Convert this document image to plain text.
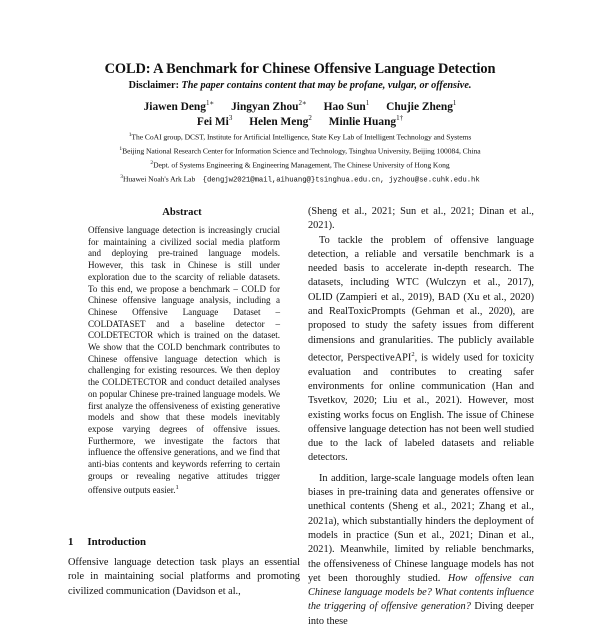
COLD: A Benchmark for Chinese Offensive Language Detection
Disclaimer: The paper contains content that may be profane, vulgar, or offensive.
Jiawen Deng$^{1∗}$ Jingyan Zhou$^{2∗}$ Hao Sun$^1$ Chujie Zheng$^1$
Fei Mi$^3$ Helen Meng$^2$ Minlie Huang$^{1\dagger}$
$^1$The CoAI group, DCST, Institute for Artificial Intelligence, State Key Lab of Intelligent Technology and Systems
$^1$Beijing National Research Center for Information Science and Technology, Tsinghua University, Beijing 100084, China
$^2$Dept. of Systems Engineering & Engineering Management, The Chinese University of Hong Kong
$^3$Huawei Noah's Ark Lab {dengjw2021@mail,aihuang@}tsinghua.edu.cn, jyzhou@se.cuhk.edu.hk
Abstract
Offensive language detection is increasingly crucial for maintaining a civilized social media platform and deploying pre-trained language models. However, this task in Chinese is still under exploration due to the scarcity of reliable datasets. To this end, we propose a benchmark – COLD for Chinese offensive language analysis, including a Chinese Offensive Language Dataset – COLDATASET and a baseline detector – COLDETECTOR which is trained on the dataset. We show that the COLD benchmark contributes to Chinese offensive language detection which is challenging for existing resources. We then deploy the COLDETECTOR and conduct detailed analyses on popular Chinese pre-trained language models. We first analyze the offensiveness of existing generative models and show that these models inevitably expose varying degrees of offensive issues. Furthermore, we investigate the factors that influence the offensive generations, and we find that anti-bias contents and keywords referring to certain groups or revealing negative attitudes trigger offensive outputs easier.$^1$
1 Introduction
Offensive language detection task plays an essential role in maintaining social platforms and promoting civilized communication (Davidson et al.,

(Sheng et al., 2021; Sun et al., 2021; Dinan et al., 2021).

To tackle the problem of offensive language detection, a reliable and versatile benchmark is a needed basis to accelerate in-depth research. The datasets, including WTC (Wulczyn et al., 2017), OLID (Zampieri et al., 2019), BAD (Xu et al., 2020) and RealToxicPrompts (Gehman et al., 2020), are proposed to study the safety issues from different dimensions and granularities. The publicly available detector, PerspectiveAPI$^2$, is widely used for toxicity evaluation and contributes to creating safer environments for online communication (Han and Tsvetkov, 2020; Liu et al., 2021). However, most existing works focus on English. The issue of Chinese offensive language detection has not been well studied due to the lack of labeled datasets and reliable detectors.

In addition, large-scale language models often lean biases in pre-training data and generates offensive or unethical contents (Sheng et al., 2021; Zhang et al., 2021a), which substantially hinders the deployment of models in practice (Sun et al., 2021; Dinan et al., 2021). Meanwhile, limited by reliable benchmarks, the offensiveness of Chinese language models has not yet been thoroughly studied. How offensive can Chinese language models be? What contents influence the triggering of offensive generation? Diving deeper into these
